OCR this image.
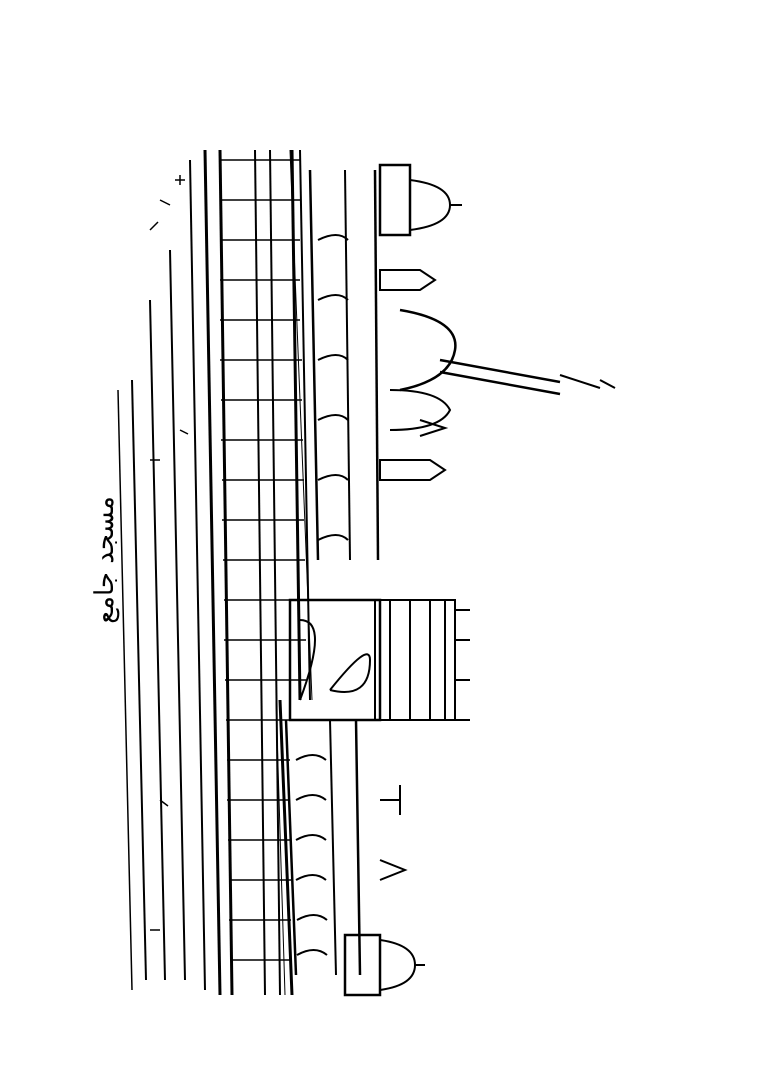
مسجد جامع
